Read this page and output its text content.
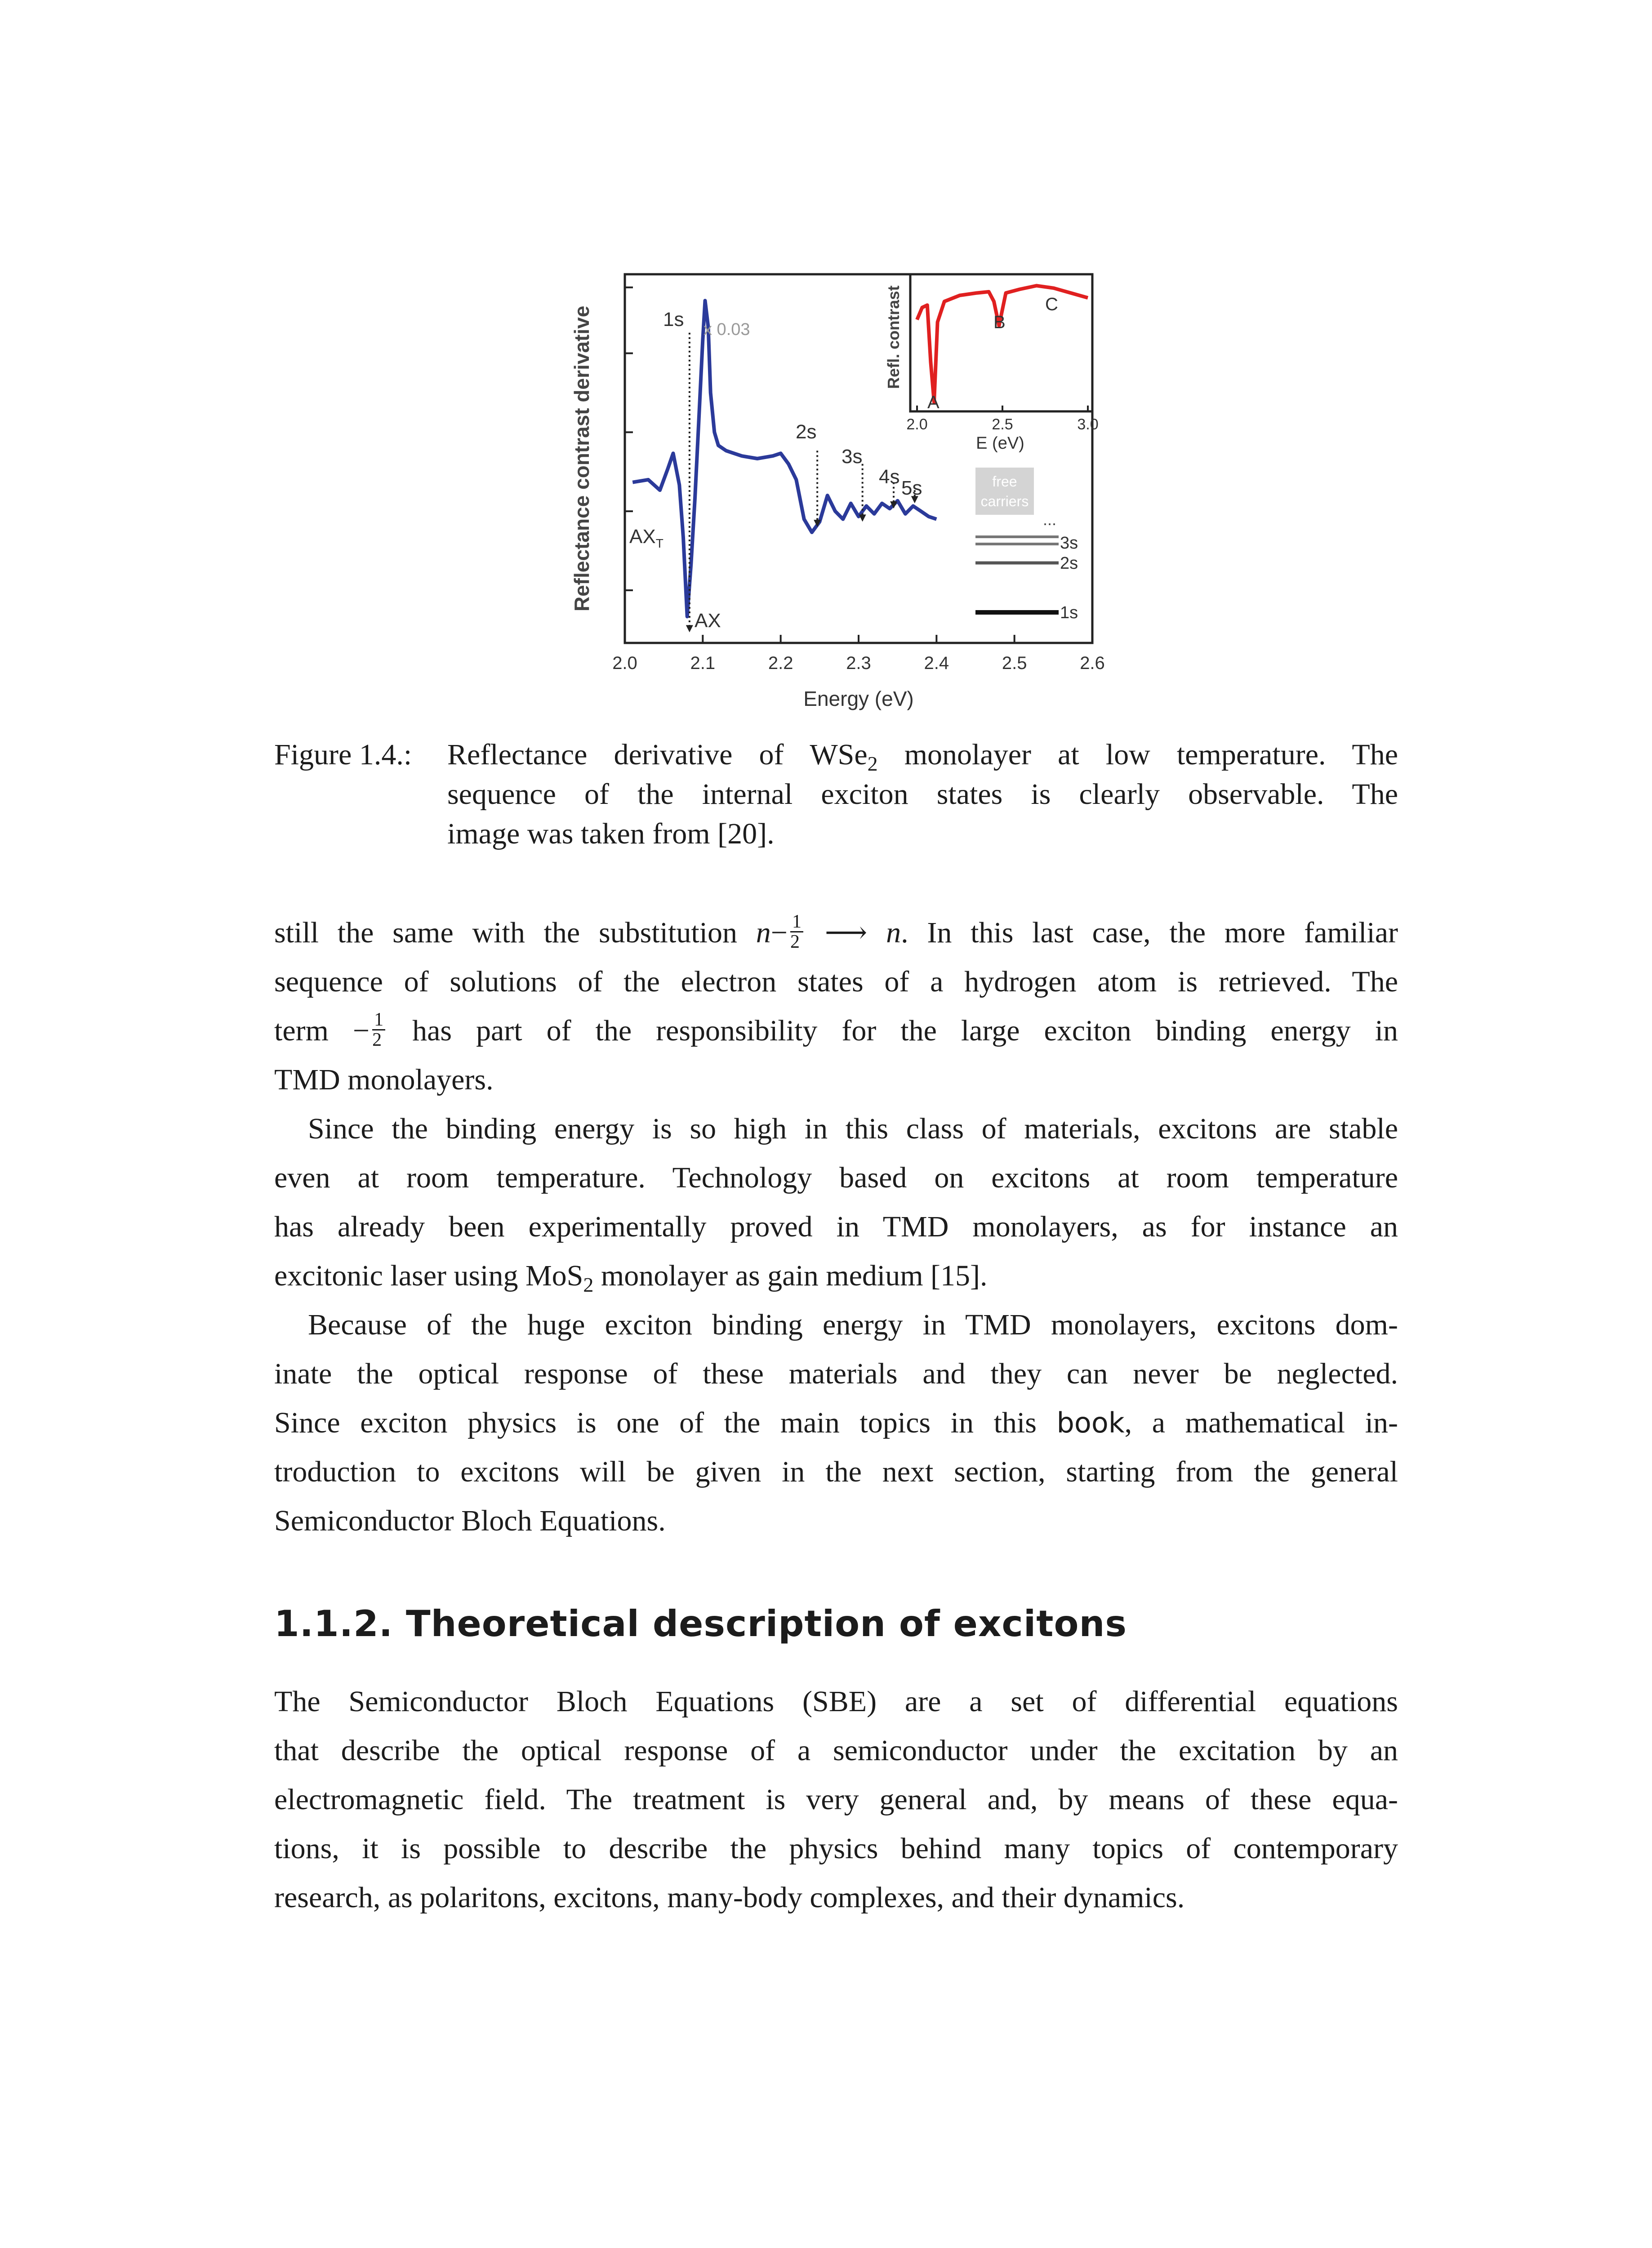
2.0	2.1	2.2	2.3	2.4	2.5	2.6
Reflectance contrast derivative
Energy (eV)
1s x 0.03
2s
3s
4s
5s
$AX_T$
AX
2.0	2.5	3.0
Refl. contrast
E (eV)
A
B
C
free
carriers
...
3s
2s
1s
Figure 1.4.: Reflectance derivative of WSe$_2$ monolayer at low temperature. The
sequence of the internal exciton states is clearly observable. The
image was taken from [20].

still the same with the substitution $n- \frac{1}{2}$ ⟶ n. In this last case, the more familiar
sequence of solutions of the electron states of a hydrogen atom is retrieved. The
term − $\frac{1}{2}$ has part of the responsibility for the large exciton binding energy in
TMD monolayers.

Since the binding energy is so high in this class of materials, excitons are stable
even at room temperature. Technology based on excitons at room temperature
has already been experimentally proved in TMD monolayers, as for instance an
excitonic laser using MoS$_2$ monolayer as gain medium [15].

Because of the huge exciton binding energy in TMD monolayers, excitons dom-
inate the optical response of these materials and they can never be neglected.
Since exciton physics is one of the main topics in this book, a mathematical in-
troduction to excitons will be given in the next section, starting from the general
Semiconductor Bloch Equations.

1.1.2. Theoretical description of excitons

The Semiconductor Bloch Equations (SBE) are a set of differential equations
that describe the optical response of a semiconductor under the excitation by an
electromagnetic field. The treatment is very general and, by means of these equa-
tions, it is possible to describe the physics behind many topics of contemporary
research, as polaritons, excitons, many-body complexes, and their dynamics.
